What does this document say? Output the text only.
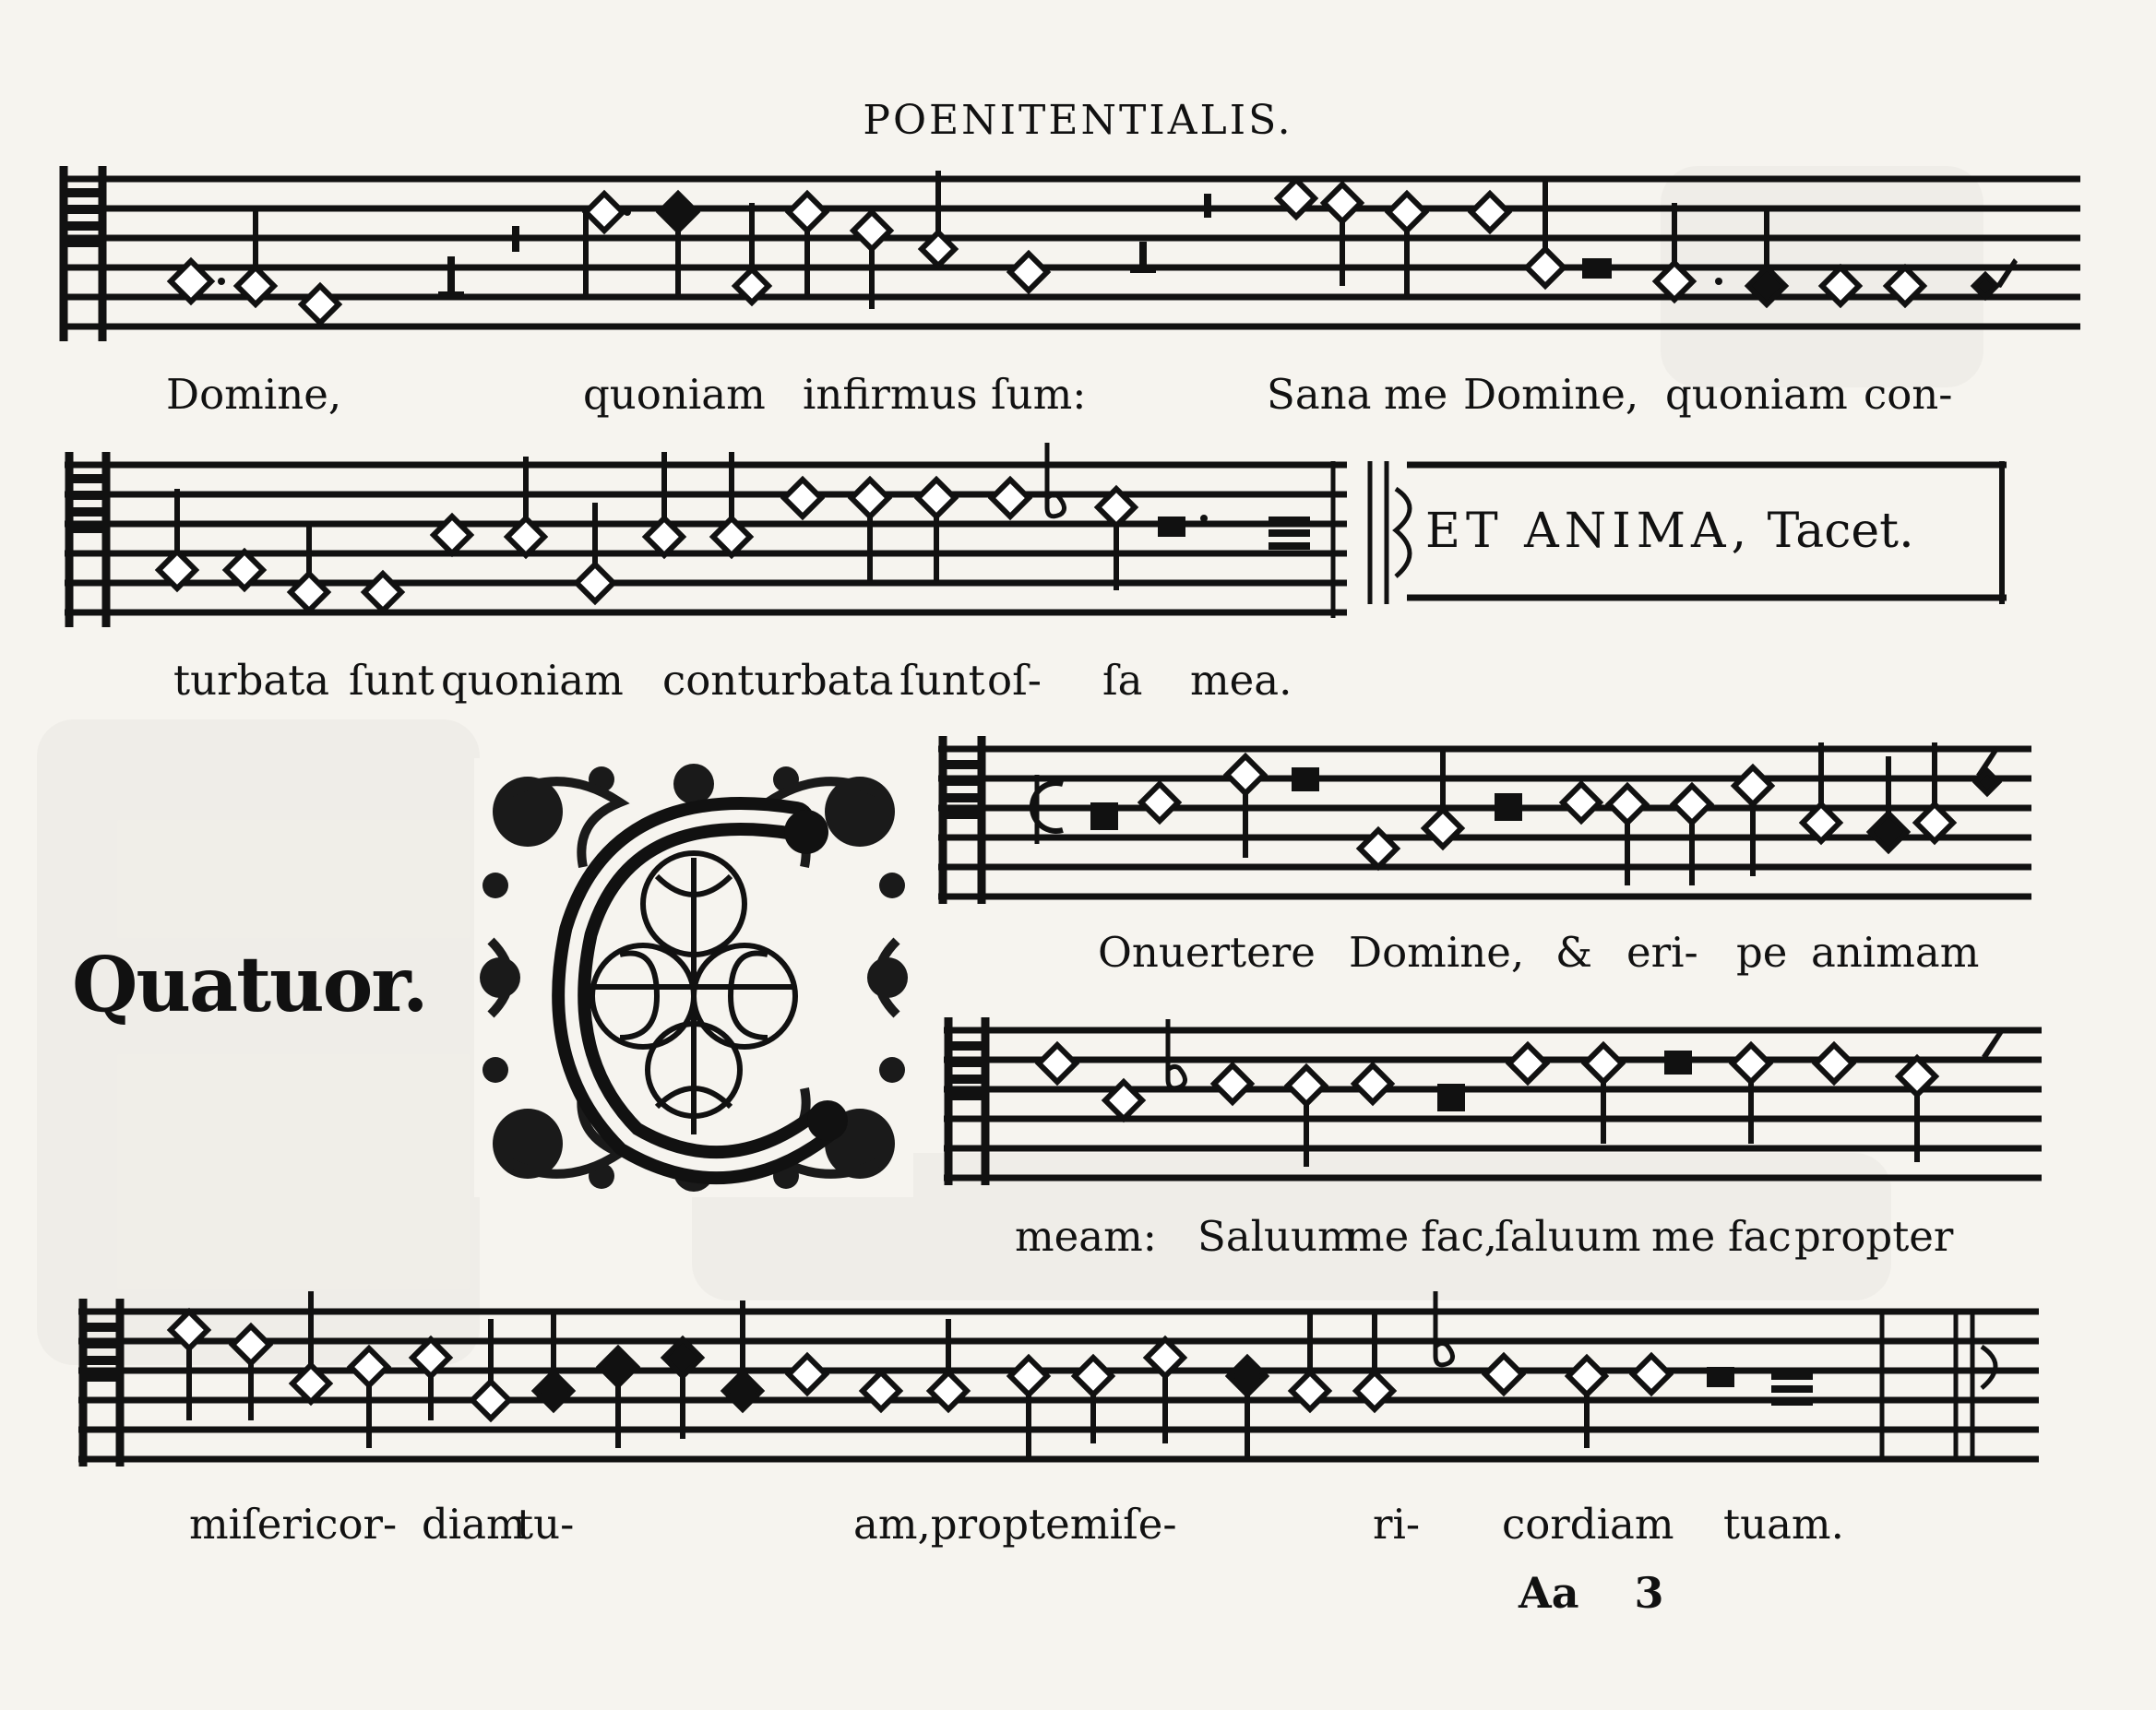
POENITENTIALIS.
Domine,	quoniam infirmus ſum:	Sana me Domine, quoniam con-
ET ANIMA, Tacet.
turbata ſunt quoniam conturbata ſunt oſ- ſa mea.
Quatuor.	Onuertere Domine, & eri- pe animam
meam: Saluum
me fac,
ſaluum me fac propter
miſericor- diam
tu-	am,propter
miſe-	ri- cordiam tuam.
Aa 3
